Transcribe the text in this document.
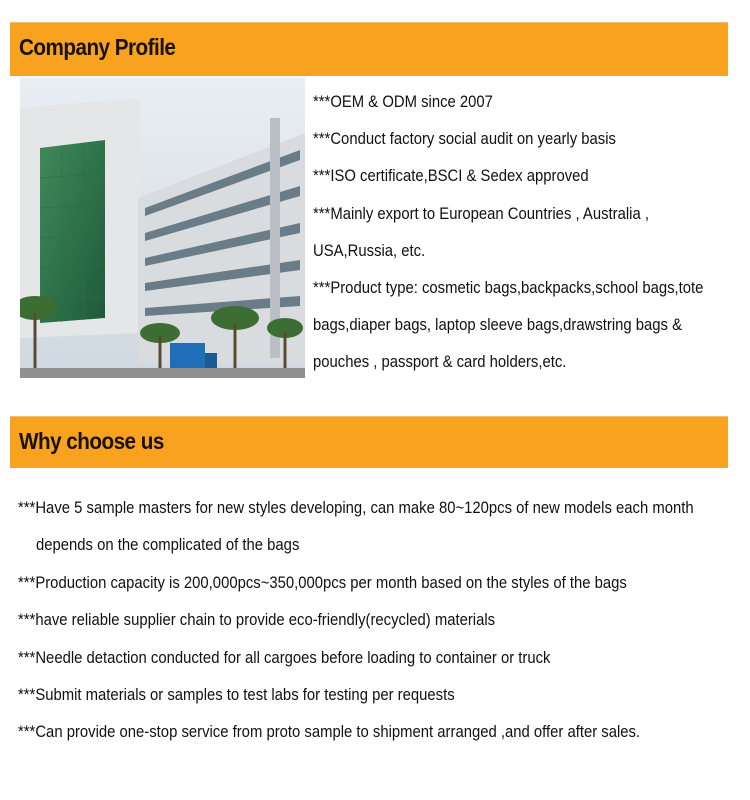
Company Profile
***OEM & ODM since 2007
***Conduct factory social audit on yearly basis
***ISO certificate,BSCI & Sedex approved
***Mainly export to European Countries , Australia ,
USA,Russia, etc.
***Product type: cosmetic bags,backpacks,school bags,tote
bags,diaper bags, laptop sleeve bags,drawstring bags &
pouches , passport & card holders,etc.
Why choose us
***Have 5 sample masters for new styles developing, can make 80~120pcs of new models each month
depends on the complicated of the bags
***Production capacity is 200,000pcs~350,000pcs per month based on the styles of the bags
***have reliable supplier chain to provide eco-friendly(recycled) materials
***Needle detaction conducted for all cargoes before loading to container or truck
***Submit materials or samples to test labs for testing per requests
***Can provide one-stop service from proto sample to shipment arranged ,and offer after sales.
